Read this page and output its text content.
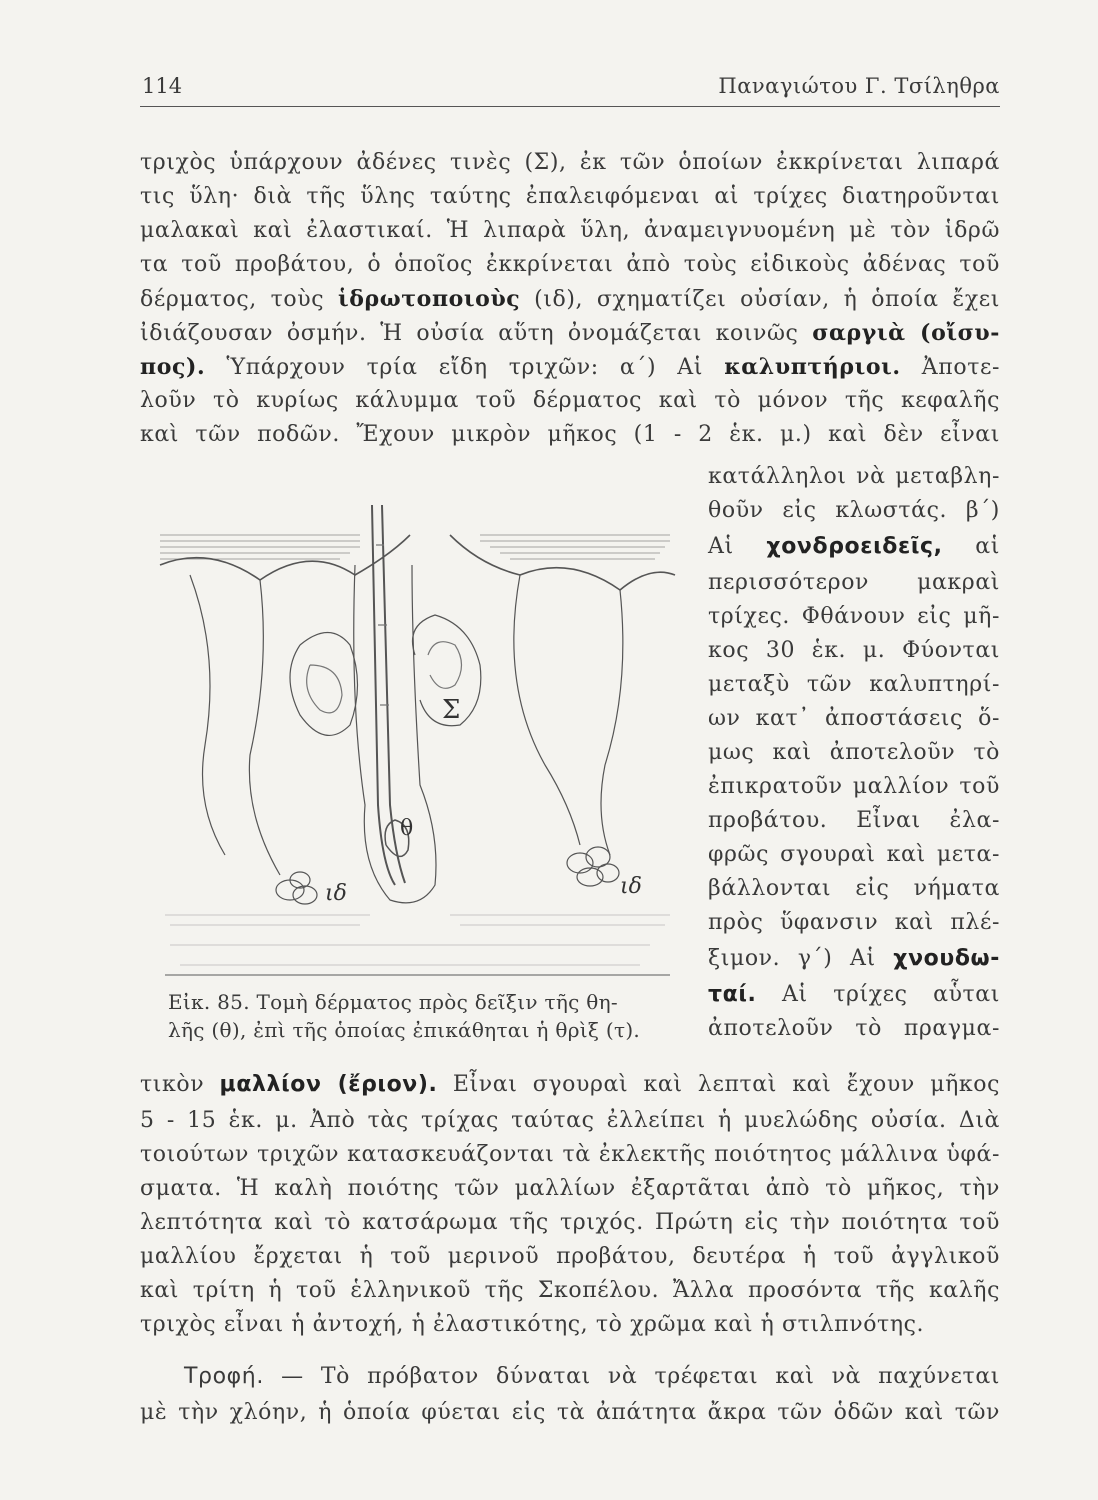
114	Παναγιώτου Γ. Τσίληθρα
τριχὸς ὑπάρχουν ἀδένες τινὲς (Σ), ἐκ τῶν ὁποίων ἐκκρίνεται λιπαρά
τις ὕλη· διὰ τῆς ὕλης ταύτης ἐπαλειφόμεναι αἱ τρίχες διατηροῦνται
μαλακαὶ καὶ ἐλαστικαί. Ἡ λιπαρὰ ὕλη, ἀναμειγνυομένη μὲ τὸν ἱδρῶ
τα τοῦ προβάτου, ὁ ὁποῖος ἐκκρίνεται ἀπὸ τοὺς εἰδικοὺς ἀδένας τοῦ
δέρματος, τοὺς ἱδρωτοποιοὺς (ιδ), σχηματίζει οὐσίαν, ἡ ὁποία ἔχει
ἰδιάζουσαν ὀσμήν. Ἡ οὐσία αὕτη ὀνομάζεται κοινῶς σαργιὰ (οἴσυ-
πος). Ὑπάρχουν τρία εἴδη τριχῶν: α΄) Αἱ καλυπτήριοι. Ἀποτε-
λοῦν τὸ κυρίως κάλυμμα τοῦ δέρματος καὶ τὸ μόνον τῆς κεφαλῆς
καὶ τῶν ποδῶν. Ἔχουν μικρὸν μῆκος (1 - 2 ἑκ. μ.) καὶ δὲν εἶναι
κατάλληλοι νὰ μεταβλη-
θοῦν εἰς κλωστάς. β΄)
Αἱ χονδροειδεῖς, αἱ
περισσότερον μακραὶ
τρίχες. Φθάνουν εἰς μῆ-
κος 30 ἑκ. μ. Φύονται
μεταξὺ τῶν καλυπτηρί-
ων κατ᾽ ἀποστάσεις ὅ-
μως καὶ ἀποτελοῦν τὸ
ἐπικρατοῦν μαλλίον τοῦ
προβάτου. Εἶναι ἐλα-
φρῶς σγουραὶ καὶ μετα-
βάλλονται εἰς νήματα
πρὸς ὕφανσιν καὶ πλέ-
ξιμον. γ΄) Αἱ χνουδω-
ταί. Αἱ τρίχες αὗται
ἀποτελοῦν τὸ πραγμα-
Σ
θ
ιδ	ιδ
Εἰκ. 85. Τομὴ δέρματος πρὸς δεῖξιν τῆς θη-
λῆς (θ), ἐπὶ τῆς ὁποίας ἐπικάθηται ἡ θρὶξ (τ).
τικὸν μαλλίον (ἔριον). Εἶναι σγουραὶ καὶ λεπταὶ καὶ ἔχουν μῆκος
5 - 15 ἑκ. μ. Ἀπὸ τὰς τρίχας ταύτας ἐλλείπει ἡ μυελώδης οὐσία. Διὰ
τοιούτων τριχῶν κατασκευάζονται τὰ ἐκλεκτῆς ποιότητος μάλλινα ὑφά-
σματα. Ἡ καλὴ ποιότης τῶν μαλλίων ἐξαρτᾶται ἀπὸ τὸ μῆκος, τὴν
λεπτότητα καὶ τὸ κατσάρωμα τῆς τριχός. Πρώτη εἰς τὴν ποιότητα τοῦ
μαλλίου ἔρχεται ἡ τοῦ μερινοῦ προβάτου, δευτέρα ἡ τοῦ ἀγγλικοῦ
καὶ τρίτη ἡ τοῦ ἑλληνικοῦ τῆς Σκοπέλου. Ἄλλα προσόντα τῆς καλῆς
τριχὸς εἶναι ἡ ἀντοχή, ἡ ἐλαστικότης, τὸ χρῶμα καὶ ἡ στιλπνότης.
Τροφή. — Τὸ πρόβατον δύναται νὰ τρέφεται καὶ νὰ παχύνεται
μὲ τὴν χλόην, ἡ ὁποία φύεται εἰς τὰ ἀπάτητα ἄκρα τῶν ὁδῶν καὶ τῶν
